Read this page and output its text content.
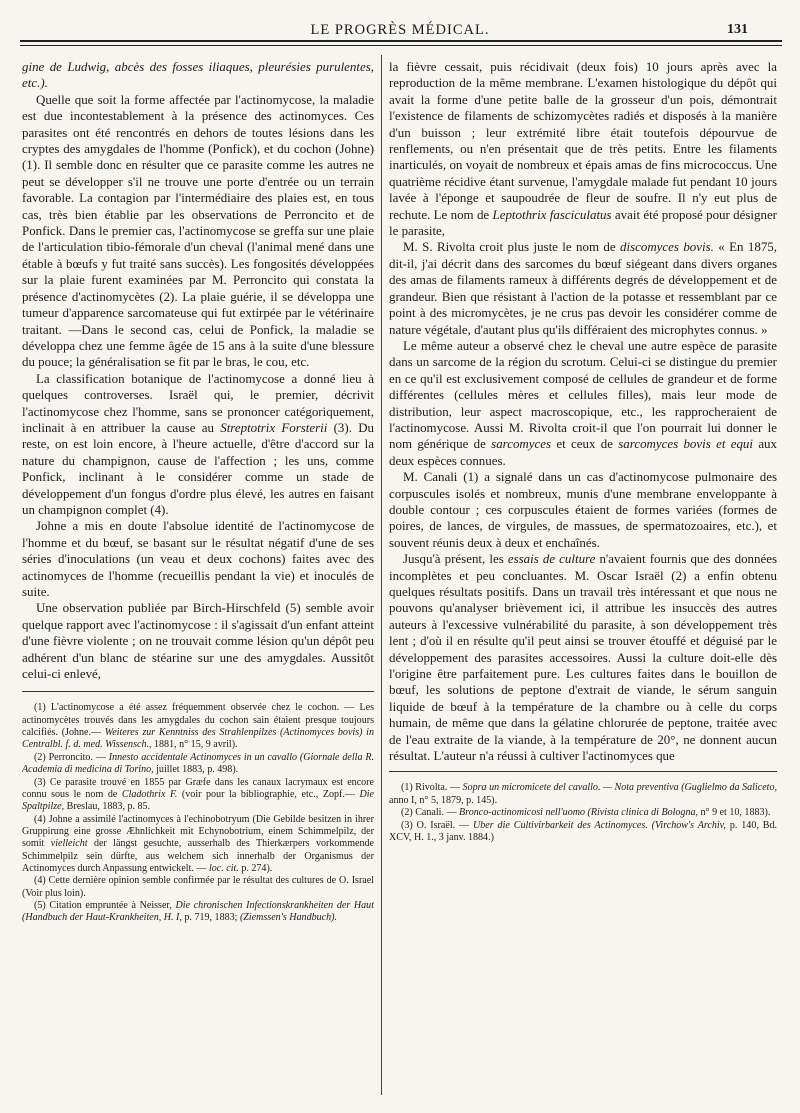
LE PROGRÈS MÉDICAL.	131

gine de Ludwig, abcès des fosses iliaques, pleurésies purulentes, etc.).

Quelle que soit la forme affectée par l'actinomycose, la maladie est due incontestablement à la présence des actinomyces. Ces parasites ont été rencontrés en dehors de toutes lésions dans les cryptes des amygdales de l'homme (Ponfick), et du cochon (Johne) (1). Il semble donc en résulter que ce parasite comme les autres ne peut se développer s'il ne trouve une porte d'entrée ou un terrain favorable. La contagion par l'intermédiaire des plaies est, en tous cas, très bien établie par les observations de Perroncito et de Ponfick. Dans le premier cas, l'actinomycose se greffa sur une plaie de l'articulation tibio-fémorale d'un cheval (l'animal mené dans une étable à bœufs y fut traité sans succès). Les fongosités développées sur la plaie furent examinées par M. Perroncito qui constata la présence d'actinomycètes (2). La plaie guérie, il se développa une tumeur d'apparence sarcomateuse qui fut extirpée par le vétérinaire traitant. —Dans le second cas, celui de Ponfick, la maladie se développa chez une femme âgée de 15 ans à la suite d'une blessure du pouce; la généralisation se fit par le bras, le cou, etc.

La classification botanique de l'actinomycose a donné lieu à quelques controverses. Israël qui, le premier, décrivit l'actinomycose chez l'homme, sans se prononcer catégoriquement, inclinait à en attribuer la cause au Streptotrix Forsterii (3). Du reste, on est loin encore, à l'heure actuelle, d'être d'accord sur la nature du champignon, cause de l'affection ; les uns, comme Ponfick, inclinant à le considérer comme un stade de développement d'un fongus d'ordre plus élevé, les autres en faisant un champignon complet (4).

Johne a mis en doute l'absolue identité de l'actinomycose de l'homme et du bœuf, se basant sur le résultat négatif d'une de ses séries d'inoculations (un veau et deux cochons) faites avec des actinomyces de l'homme (recueillis pendant la vie) et inoculés de suite.

Une observation publiée par Birch-Hirschfeld (5) semble avoir quelque rapport avec l'actinomycose : il s'agissait d'un enfant atteint d'une fièvre violente ; on ne trouvait comme lésion qu'un dépôt peu adhérent d'un blanc de stéarine sur une des amygdales. Aussitôt celui-ci enlevé,

(1) L'actinomycose a été assez fréquemment observée chez le cochon. — Les actinomycètes trouvés dans les amygdales du cochon sain étaient presque toujours calcifiés. (Johne.— Weiteres zur Kenntniss des Strahlenpilzes (Actinomyces bovis) in Centralbl. f. d. med. Wissensch., 1881, n° 15, 9 avril).

(2) Perroncito. — Innesto accidentale Actinomyces in un cavallo (Giornale della R. Academia di medicina di Torino, juillet 1883, p. 498).

(3) Ce parasite trouvé en 1855 par Græfe dans les canaux lacrymaux est encore connu sous le nom de Cladothrix F. (voir pour la bibliographie, etc., Zopf.— Die Spaltpilze, Breslau, 1883, p. 85.

(4) Johne a assimilé l'actinomyces à l'echinobotryum (Die Gebilde besitzen in ihrer Gruppirung eine grosse Æhnlichkeit mit Echynobotrium, einem Schimmelpilz, der somit vielleicht der längst gesuchte, ausserhalb des Thierkærpers vorkommende Schimmelpilz sein dürfte, aus welchem sich innerhalb der Organismus der Actinomyces durch Anpassung entwickelt. — loc. cit. p. 274).

(4) Cette dernière opinion semble confirmée par le résultat des cultures de O. Israel (Voir plus loin).

(5) Citation empruntée à Neisser, Die chronischen Infectionskrankheiten der Haut (Handbuch der Haut-Krankheiten, H. I, p. 719, 1883; (Ziemssen's Handbuch).

la fièvre cessait, puis récidivait (deux fois) 10 jours après avec la reproduction de la même membrane. L'examen histologique du dépôt qui avait la forme d'une petite balle de la grosseur d'un pois, démontrait l'existence de filaments de schizomycètes radiés et disposés à la manière d'un buisson ; leur extrémité libre était toutefois dépourvue de renflements, ou n'en présentait que de très petits. Entre les filaments inarticulés, on voyait de nombreux et épais amas de fins micrococcus. Une quatrième récidive étant survenue, l'amygdale malade fut pendant 10 jours lavée à l'éponge et saupoudrée de fleur de soufre. Il n'y eut plus de rechute. Le nom de Leptothrix fasciculatus avait été proposé pour désigner le parasite,

M. S. Rivolta croit plus juste le nom de discomyces bovis. « En 1875, dit-il, j'ai décrit dans des sarcomes du bœuf siégeant dans divers organes des amas de filaments rameux à différents degrés de développement et de grandeur. Bien que résistant à l'action de la potasse et ressemblant par ce point à des micromycètes, je ne crus pas devoir les considérer comme de nature végétale, d'autant plus qu'ils différaient des microphytes connus. »

Le même auteur a observé chez le cheval une autre espèce de parasite dans un sarcome de la région du scrotum. Celui-ci se distingue du premier en ce qu'il est exclusivement composé de cellules de grandeur et de forme différentes (cellules mères et cellules filles), mais leur mode de distribution, leur aspect macroscopique, etc., les rapprocheraient de l'actinomycose. Aussi M. Rivolta croit-il que l'on pourrait lui donner le nom générique de sarcomyces et ceux de sarcomyces bovis et equi aux deux espèces connues.

M. Canali (1) a signalé dans un cas d'actinomycose pulmonaire des corpuscules isolés et nombreux, munis d'une membrane enveloppante à double contour ; ces corpuscules étaient de formes variées (formes de poires, de lances, de virgules, de massues, de spermatozoaires, etc.), et souvent réunis deux à deux et enchaînés.

Jusqu'à présent, les essais de culture n'avaient fournis que des données incomplètes et peu concluantes. M. Oscar Israël (2) a enfin obtenu quelques résultats positifs. Dans un travail très intéressant et que nous ne pouvons qu'analyser brièvement ici, il attribue les insuccès des autres auteurs à l'excessive vulnérabilité du parasite, à son développement très lent ; d'où il en résulte qu'il peut ainsi se trouver étouffé et déguisé par le développement des parasites accessoires. Aussi la culture doit-elle dès l'origine être parfaitement pure. Les cultures faites dans le bouillon de bœuf, les solutions de peptone d'extrait de viande, le sérum sanguin liquide de bœuf à la température de la chambre ou à celle du corps humain, de même que dans la gélatine chlorurée de peptone, traitée avec de l'eau extraite de la viande, à la température de 20°, ne donnent aucun résultat. L'auteur n'a réussi à cultiver l'actinomyces que

(1) Rivolta. — Sopra un micromicete del cavallo. — Nota preventiva (Guglielmo da Saliceto, anno I, n° 5, 1879, p. 145).

(2) Canali. — Bronco-actinomicosi nell'uomo (Rivista clinica di Bologna, n° 9 et 10, 1883).

(3) O. Israël. — Uber die Cultivirbarkeit des Actinomyces. (Virchow's Archiv, p. 140, Bd. XCV, H. 1., 3 janv. 1884.)
